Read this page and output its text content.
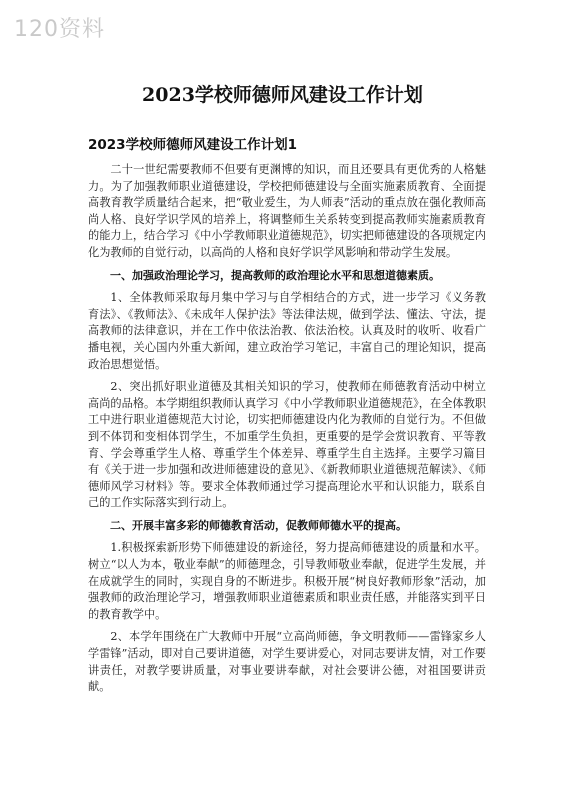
120资料
2023学校师德师风建设工作计划
2023学校师德师风建设工作计划1

二十一世纪需要教师不但要有更渊博的知识，而且还要具有更优秀的人格魅力。为了加强教师职业道德建设，学校把师德建设与全面实施素质教育、全面提高教育教学质量结合起来，把“敬业爱生，为人师表”活动的重点放在强化教师高尚人格、良好学识学风的培养上，将调整师生关系转变到提高教师实施素质教育的能力上，结合学习《中小学教师职业道德规范》，切实把师德建设的各项规定内化为教师的自觉行动，以高尚的人格和良好学识学风影响和带动学生发展。

一、加强政治理论学习，提高教师的政治理论水平和思想道德素质。

1、全体教师采取每月集中学习与自学相结合的方式，进一步学习《义务教育法》、《教师法》、《未成年人保护法》等法律法规，做到学法、懂法、守法，提高教师的法律意识，并在工作中依法治教、依法治校。认真及时的收听、收看广播电视，关心国内外重大新闻，建立政治学习笔记，丰富自己的理论知识，提高政治思想觉悟。

2、突出抓好职业道德及其相关知识的学习，使教师在师德教育活动中树立高尚的品格。本学期组织教师认真学习《中小学教师职业道德规范》，在全体教职工中进行职业道德规范大讨论，切实把师德建设内化为教师的自觉行为。不但做到不体罚和变相体罚学生，不加重学生负担，更重要的是学会赏识教育、平等教育、学会尊重学生人格、尊重学生个体差异、尊重学生自主选择。主要学习篇目有《关于进一步加强和改进师德建设的意见》、《新教师职业道德规范解读》、《师德师风学习材料》等。要求全体教师通过学习提高理论水平和认识能力，联系自己的工作实际落实到行动上。

二、开展丰富多彩的师德教育活动，促教师师德水平的提高。

1.积极探索新形势下师德建设的新途径，努力提高师德建设的质量和水平。树立“以人为本，敬业奉献”的师德理念，引导教师敬业奉献，促进学生发展，并在成就学生的同时，实现自身的不断进步。积极开展“树良好教师形象”活动，加强教师的政治理论学习，增强教师职业道德素质和职业责任感，并能落实到平日的教育教学中。

2、本学年围绕在广大教师中开展“立高尚师德，争文明教师——雷锋家乡人学雷锋”活动，即对自己要讲道德，对学生要讲爱心，对同志要讲友情，对工作要讲责任，对教学要讲质量，对事业要讲奉献，对社会要讲公德，对祖国要讲贡献。
